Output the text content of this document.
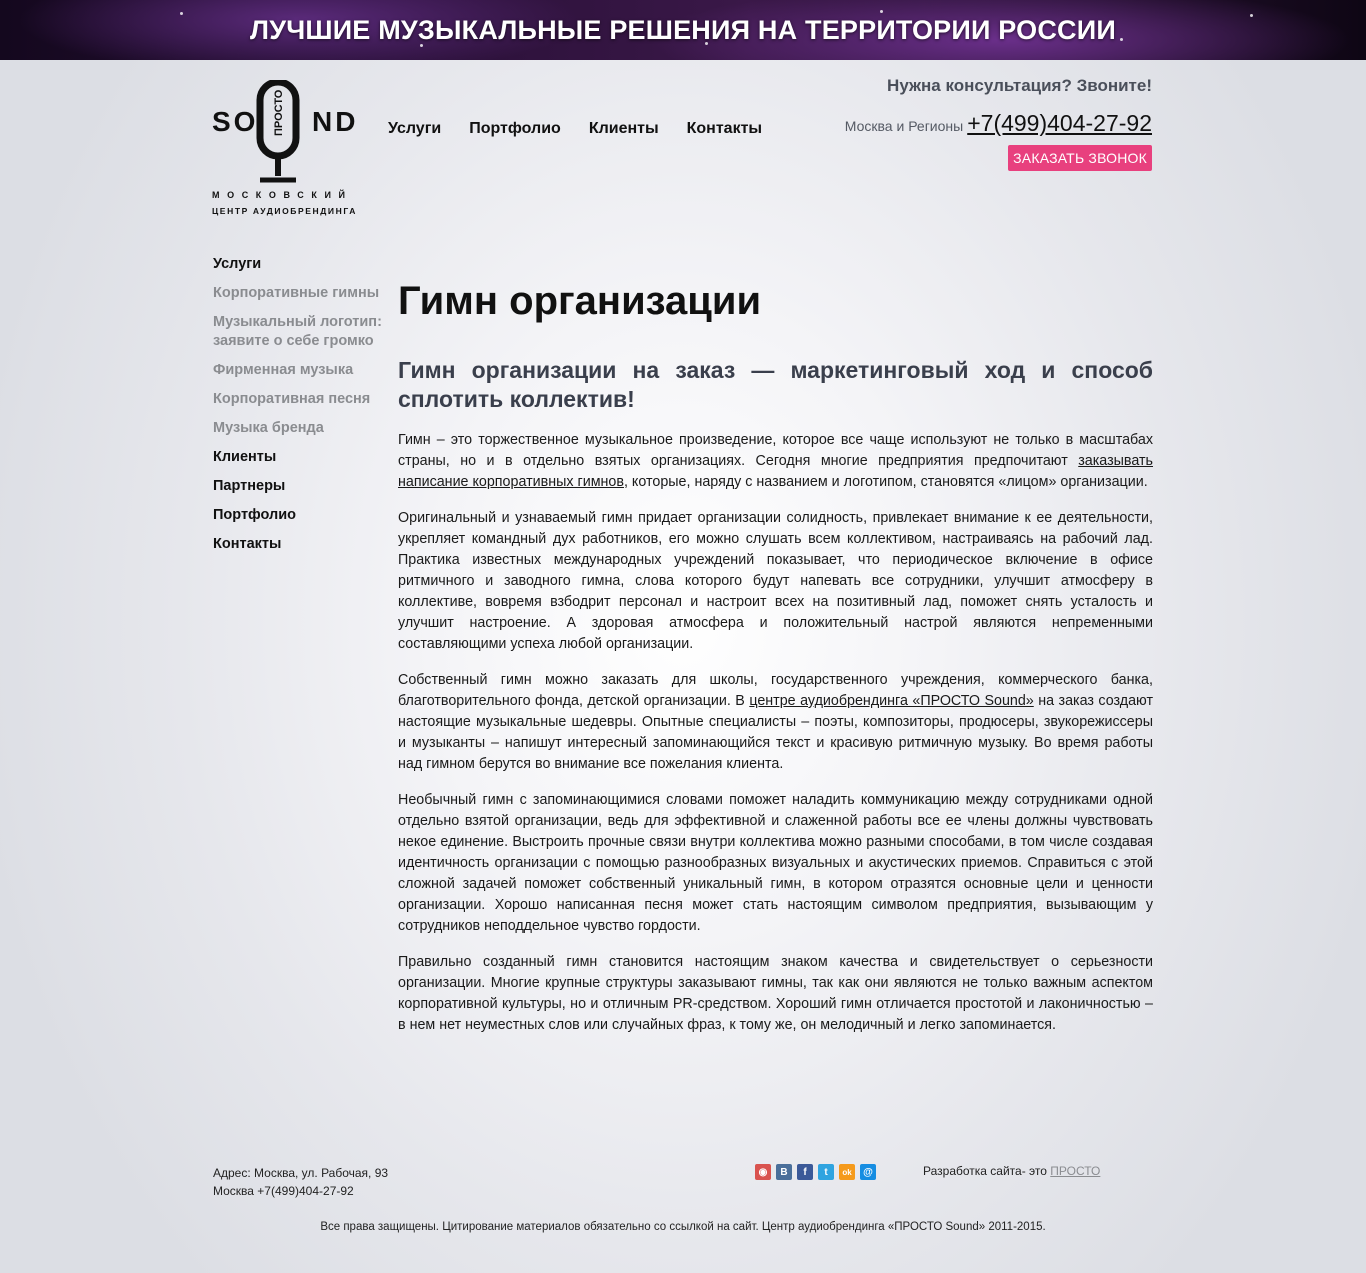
ЛУЧШИЕ МУЗЫКАЛЬНЫЕ РЕШЕНИЯ НА ТЕРРИТОРИИ РОССИИ
SO ПРОСТО ND
МОСКОВСКИЙ
ЦЕНТР АУДИОБРЕНДИНГА
Услуги Портфолио Клиенты Контакты
Нужна консультация? Звоните!
Москва и Регионы +7(499)404-27-92
ЗАКАЗАТЬ ЗВОНОК
Услуги
Корпоративные гимны
Музыкальный логотип: заявите о себе громко
Фирменная музыка
Корпоративная песня
Музыка бренда
Клиенты
Партнеры
Портфолио
Контакты
Гимн организации
Гимн организации на заказ — маркетинговый ход и способ сплотить коллектив!

Гимн – это торжественное музыкальное произведение, которое все чаще используют не только в масштабах страны, но и в отдельно взятых организациях. Сегодня многие предприятия предпочитают заказывать написание корпоративных гимнов, которые, наряду с названием и логотипом, становятся «лицом» организации.

Оригинальный и узнаваемый гимн придает организации солидность, привлекает внимание к ее деятельности, укрепляет командный дух работников, его можно слушать всем коллективом, настраиваясь на рабочий лад. Практика известных международных учреждений показывает, что периодическое включение в офисе ритмичного и заводного гимна, слова которого будут напевать все сотрудники, улучшит атмосферу в коллективе, вовремя взбодрит персонал и настроит всех на позитивный лад, поможет снять усталость и улучшит настроение. А здоровая атмосфера и положительный настрой являются непременными составляющими успеха любой организации.

Собственный гимн можно заказать для школы, государственного учреждения, коммерческого банка, благотворительного фонда, детской организации. В центре аудиобрендинга «ПРОСТО Sound» на заказ создают настоящие музыкальные шедевры. Опытные специалисты – поэты, композиторы, продюсеры, звукорежиссеры и музыканты – напишут интересный запоминающийся текст и красивую ритмичную музыку. Во время работы над гимном берутся во внимание все пожелания клиента.

Необычный гимн с запоминающимися словами поможет наладить коммуникацию между сотрудниками одной отдельно взятой организации, ведь для эффективной и слаженной работы все ее члены должны чувствовать некое единение. Выстроить прочные связи внутри коллектива можно разными способами, в том числе создавая идентичность организации с помощью разнообразных визуальных и акустических приемов. Справиться с этой сложной задачей поможет собственный уникальный гимн, в котором отразятся основные цели и ценности организации. Хорошо написанная песня может стать настоящим символом предприятия, вызывающим у сотрудников неподдельное чувство гордости.

Правильно созданный гимн становится настоящим знаком качества и свидетельствует о серьезности организации. Многие крупные структуры заказывают гимны, так как они являются не только важным аспектом корпоративной культуры, но и отличным PR-средством. Хороший гимн отличается простотой и лаконичностью – в нем нет неуместных слов или случайных фраз, к тому же, он мелодичный и легко запоминается.

Адрес: Москва, ул. Рабочая, 93
Москва +7(499)404-27-92
◉	B	f	t	ok	@	Разработка сайта- это ПРОСТО
Все права защищены. Цитирование материалов обязательно со ссылкой на сайт. Центр аудиобрендинга «ПРОСТО Sound» 2011-2015.
